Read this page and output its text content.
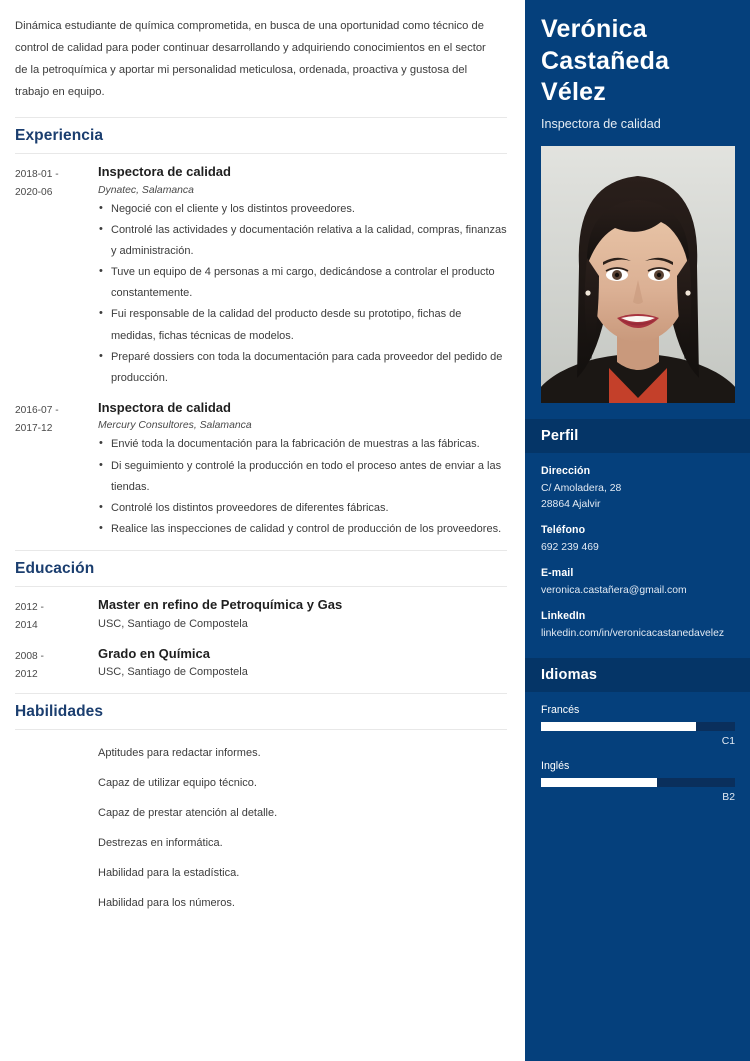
Dinámica estudiante de química comprometida, en busca de una oportunidad como técnico de control de calidad para poder continuar desarrollando y adquiriendo conocimientos en el sector de la petroquímica y aportar mi personalidad meticulosa, ordenada, proactiva y gustosa del trabajo en equipo.

Experiencia
2018-01 -
2020-06
Inspectora de calidad
Dynatec, Salamanca
• Negocié con el cliente y los distintos proveedores.
• Controlé las actividades y documentación relativa a la calidad, compras, finanzas y administración.
• Tuve un equipo de 4 personas a mi cargo, dedicándose a controlar el producto constantemente.
• Fui responsable de la calidad del producto desde su prototipo, fichas de medidas, fichas técnicas de modelos.
• Preparé dossiers con toda la documentación para cada proveedor del pedido de producción.
2016-07 -
2017-12
Inspectora de calidad
Mercury Consultores, Salamanca
• Envié toda la documentación para la fabricación de muestras a las fábricas.
• Di seguimiento y controlé la producción en todo el proceso antes de enviar a las tiendas.
• Controlé los distintos proveedores de diferentes fábricas.
• Realice las inspecciones de calidad y control de producción de los proveedores.
Educación
2012 -
2014
Master en refino de Petroquímica y Gas
USC, Santiago de Compostela
2008 -
2012
Grado en Química
USC, Santiago de Compostela
Habilidades
Aptitudes para redactar informes.
Capaz de utilizar equipo técnico.
Capaz de prestar atención al detalle.
Destrezas en informática.
Habilidad para la estadística.
Habilidad para los números.
Verónica Castañeda Vélez
Inspectora de calidad
Perfil
Dirección
C/ Amoladera, 28
28864 Ajalvir
Teléfono
692 239 469
E-mail
veronica.castañera@gmail.com
LinkedIn
linkedin.com/in/veronicacastanedavelez
Idiomas
Francés
C1
Inglés
B2
